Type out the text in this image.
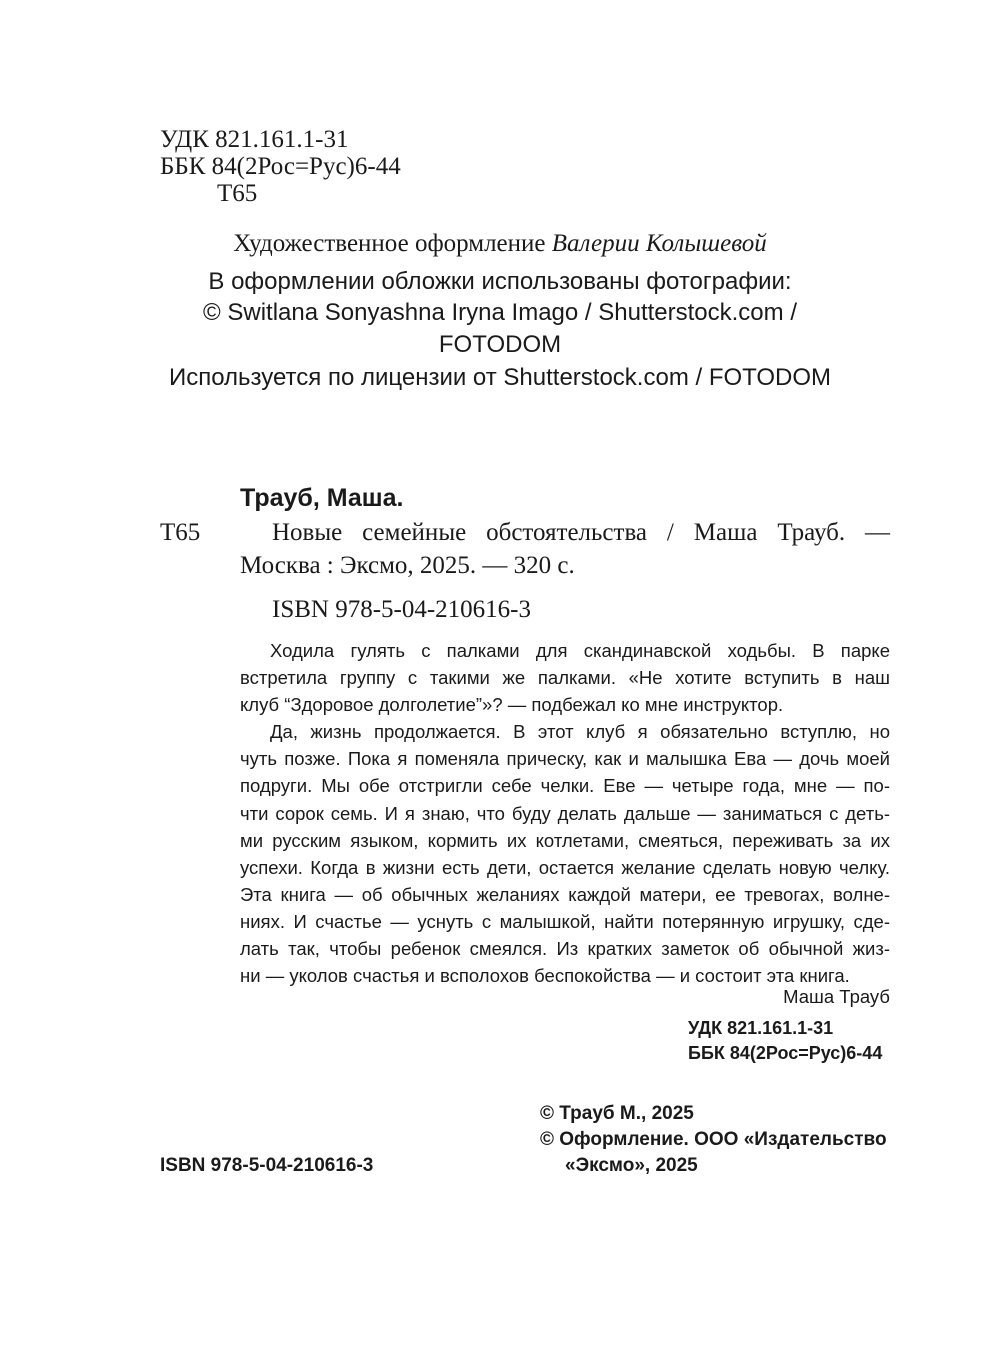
УДК 821.161.1-31
ББК 84(2Рос=Рус)6-44
Т65
Художественное оформление Валерии Колышевой
В оформлении обложки использованы фотографии:
© Switlana Sonyashna Iryna Imago / Shutterstock.com /
FOTODOM
Используется по лицензии от Shutterstock.com / FOTODOM
Трауб, Маша.
Т65	Новые семейные обстоятельства / Маша Трауб. —
Москва : Эксмо, 2025. — 320 с.
ISBN 978-5-04-210616-3

Ходила гулять с палками для скандинавской ходьбы. В парке

встретила группу с такими же палками. «Не хотите вступить в наш

клуб “Здоровое долголетие”»? — подбежал ко мне инструктор.

Да, жизнь продолжается. В этот клуб я обязательно вступлю, но

чуть позже. Пока я поменяла прическу, как и малышка Ева — дочь моей

подруги. Мы обе отстригли себе челки. Еве — четыре года, мне — по-

чти сорок семь. И я знаю, что буду делать дальше — заниматься с деть-

ми русским языком, кормить их котлетами, смеяться, переживать за их

успехи. Когда в жизни есть дети, остается желание сделать новую челку.

Эта книга — об обычных желаниях каждой матери, ее тревогах, волне-

ниях. И счастье — уснуть с малышкой, найти потерянную игрушку, сде-

лать так, чтобы ребенок смеялся. Из кратких заметок об обычной жиз-

ни — уколов счастья и всполохов беспокойства — и состоит эта книга.

Маша Трауб
УДК 821.161.1-31
ББК 84(2Рос=Рус)6-44
© Трауб М., 2025
© Оформление. ООО «Издательство
ISBN 978-5-04-210616-3	«Эксмо», 2025
